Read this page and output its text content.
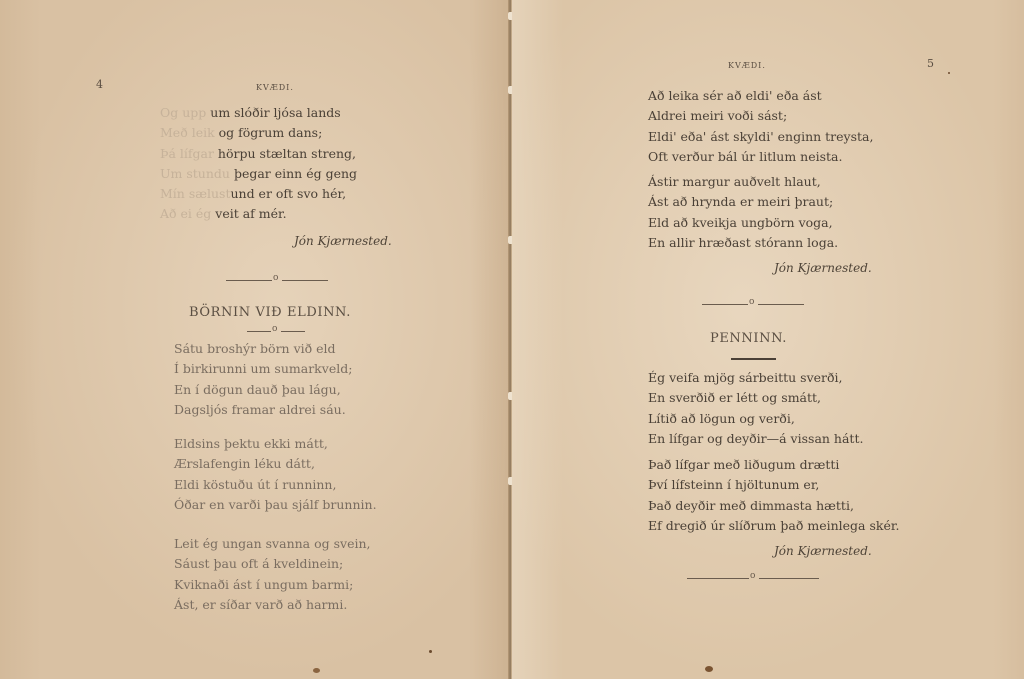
4	KVÆDI.
Og upp um slóðir ljósa lands
Með leik og fögrum dans;
Þá lífgar hörpu stæltan streng,
Um stundu þegar einn ég geng
Mín sælustund er oft svo hér,
Að ei ég veit af mér.
Jón Kjærnested.
o
BÖRNIN VIÐ ELDINN.
o
Sátu broshýr börn við eld
Í birkirunni um sumarkveld;
En í dögun dauð þau lágu,
Dagsljós framar aldrei sáu.
Eldsins þektu ekki mátt,
Ærslafengin léku dátt,
Eldi köstuðu út í runninn,
Óðar en varði þau sjálf brunnin.
Leit ég ungan svanna og svein,
Sáust þau oft á kveldinein;
Kviknaði ást í ungum barmi;
Ást, er síðar varð að harmi.
KVÆDI.	5
Að leika sér að eldi' eða ást
Aldrei meiri voði sást;
Eldi' eða' ást skyldi' enginn treysta,
Oft verður bál úr litlum neista.
Ástir margur auðvelt hlaut,
Ást að hrynda er meiri þraut;
Eld að kveikja ungbörn voga,
En allir hræðast stórann loga.
Jón Kjærnested.
o
PENNINN.
Ég veifa mjög sárbeittu sverði,
En sverðið er létt og smátt,
Lítið að lögun og verði,
En lífgar og deyðir—á vissan hátt.
Það lífgar með liðugum drætti
Því lífsteinn í hjöltunum er,
Það deyðir með dimmasta hætti,
Ef dregið úr slíðrum það meinlega skér.
Jón Kjærnested.
o
